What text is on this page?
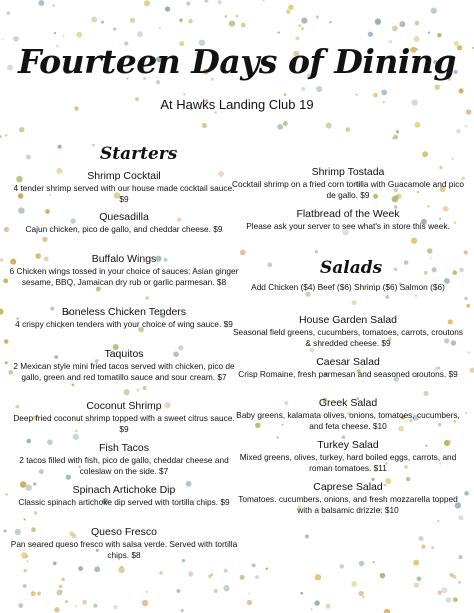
Fourteen Days of Dining
At Hawks Landing Club 19
Starters
Shrimp Cocktail
4 tender shrimp served with our house made cocktail sauce. $9
Quesadilla
Cajun chicken, pico de gallo, and cheddar cheese. $9
Buffalo Wings
6 Chicken wings tossed in your choice of sauces: Asian ginger sesame, BBQ, Jamaican dry rub or garlic parmesan. $8
Boneless Chicken Tenders
4 crispy chicken tenders with your choice of wing sauce. $9
Taquitos
2 Mexican style mini fried tacos served with chicken, pico de gallo, green and red tomatillo sauce and sour cream. $7
Coconut Shrimp
Deep fried coconut shrimp topped with a sweet citrus sauce. $9
Fish Tacos
2 tacos filled with fish, pico de gallo, cheddar cheese and coleslaw on the side. $7
Spinach Artichoke Dip
Classic spinach artichoke dip served with tortilla chips. $9
Queso Fresco
Pan seared queso fresco with salsa verde. Served with tortilla chips. $8
Shrimp Tostada
Cocktail shrimp on a fried corn tortilla with Guacamole and pico de gallo. $9
Flatbread of the Week
Please ask your server to see what's in store this week.
Salads
Add Chicken ($4) Beef ($6) Shrimp ($6) Salmon ($6)
House Garden Salad
Seasonal field greens, cucumbers, tomatoes, carrots, croutons & shredded cheese. $9
Caesar Salad
Crisp Romaine, fresh parmesan and seasoned croutons. $9
Greek Salad
Baby greens, kalamata olives, onions, tomatoes, cucumbers, and feta cheese. $10
Turkey Salad
Mixed greens, olives, turkey, hard boiled eggs, carrots, and roman tomatoes. $11
Caprese Salad
Tomatoes. cucumbers, onions, and fresh mozzarella topped with a balsamic drizzle. $10
